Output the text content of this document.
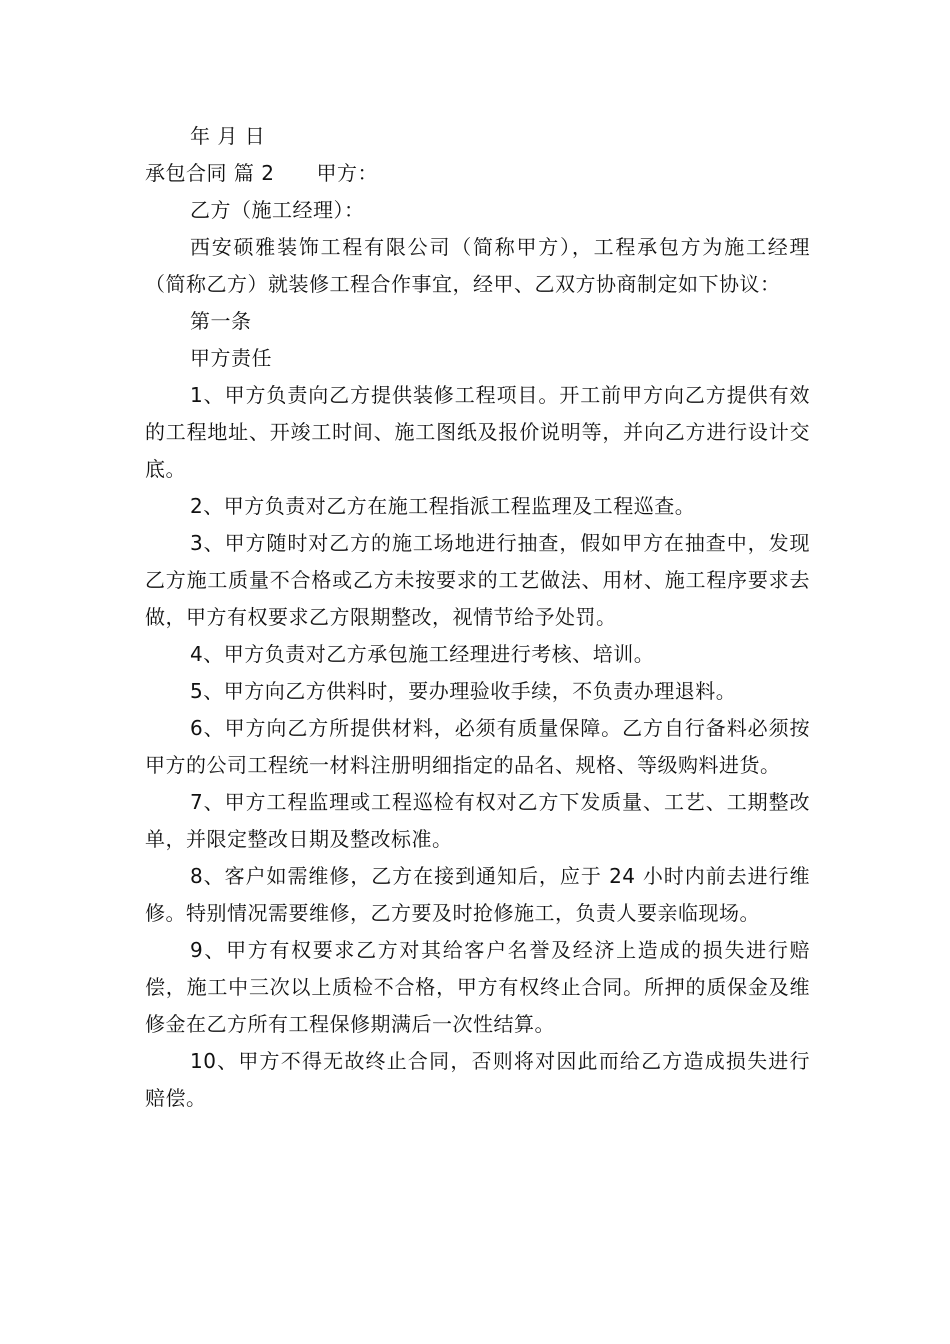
年 月 日

承包合同 篇 2 甲方：

乙方（施工经理）：

西安硕雅装饰工程有限公司（简称甲方），工程承包方为施工经理（简称乙方）就装修工程合作事宜，经甲、乙双方协商制定如下协议：

第一条

甲方责任

1、甲方负责向乙方提供装修工程项目。开工前甲方向乙方提供有效的工程地址、开竣工时间、施工图纸及报价说明等，并向乙方进行设计交底。

2、甲方负责对乙方在施工程指派工程监理及工程巡查。

3、甲方随时对乙方的施工场地进行抽查，假如甲方在抽查中，发现乙方施工质量不合格或乙方未按要求的工艺做法、用材、施工程序要求去做，甲方有权要求乙方限期整改，视情节给予处罚。

4、甲方负责对乙方承包施工经理进行考核、培训。

5、甲方向乙方供料时，要办理验收手续，不负责办理退料。

6、甲方向乙方所提供材料，必须有质量保障。乙方自行备料必须按甲方的公司工程统一材料注册明细指定的品名、规格、等级购料进货。

7、甲方工程监理或工程巡检有权对乙方下发质量、工艺、工期整改单，并限定整改日期及整改标准。

8、客户如需维修，乙方在接到通知后，应于 24 小时内前去进行维修。特别情况需要维修，乙方要及时抢修施工，负责人要亲临现场。

9、甲方有权要求乙方对其给客户名誉及经济上造成的损失进行赔偿，施工中三次以上质检不合格，甲方有权终止合同。所押的质保金及维修金在乙方所有工程保修期满后一次性结算。

10、甲方不得无故终止合同，否则将对因此而给乙方造成损失进行赔偿。
